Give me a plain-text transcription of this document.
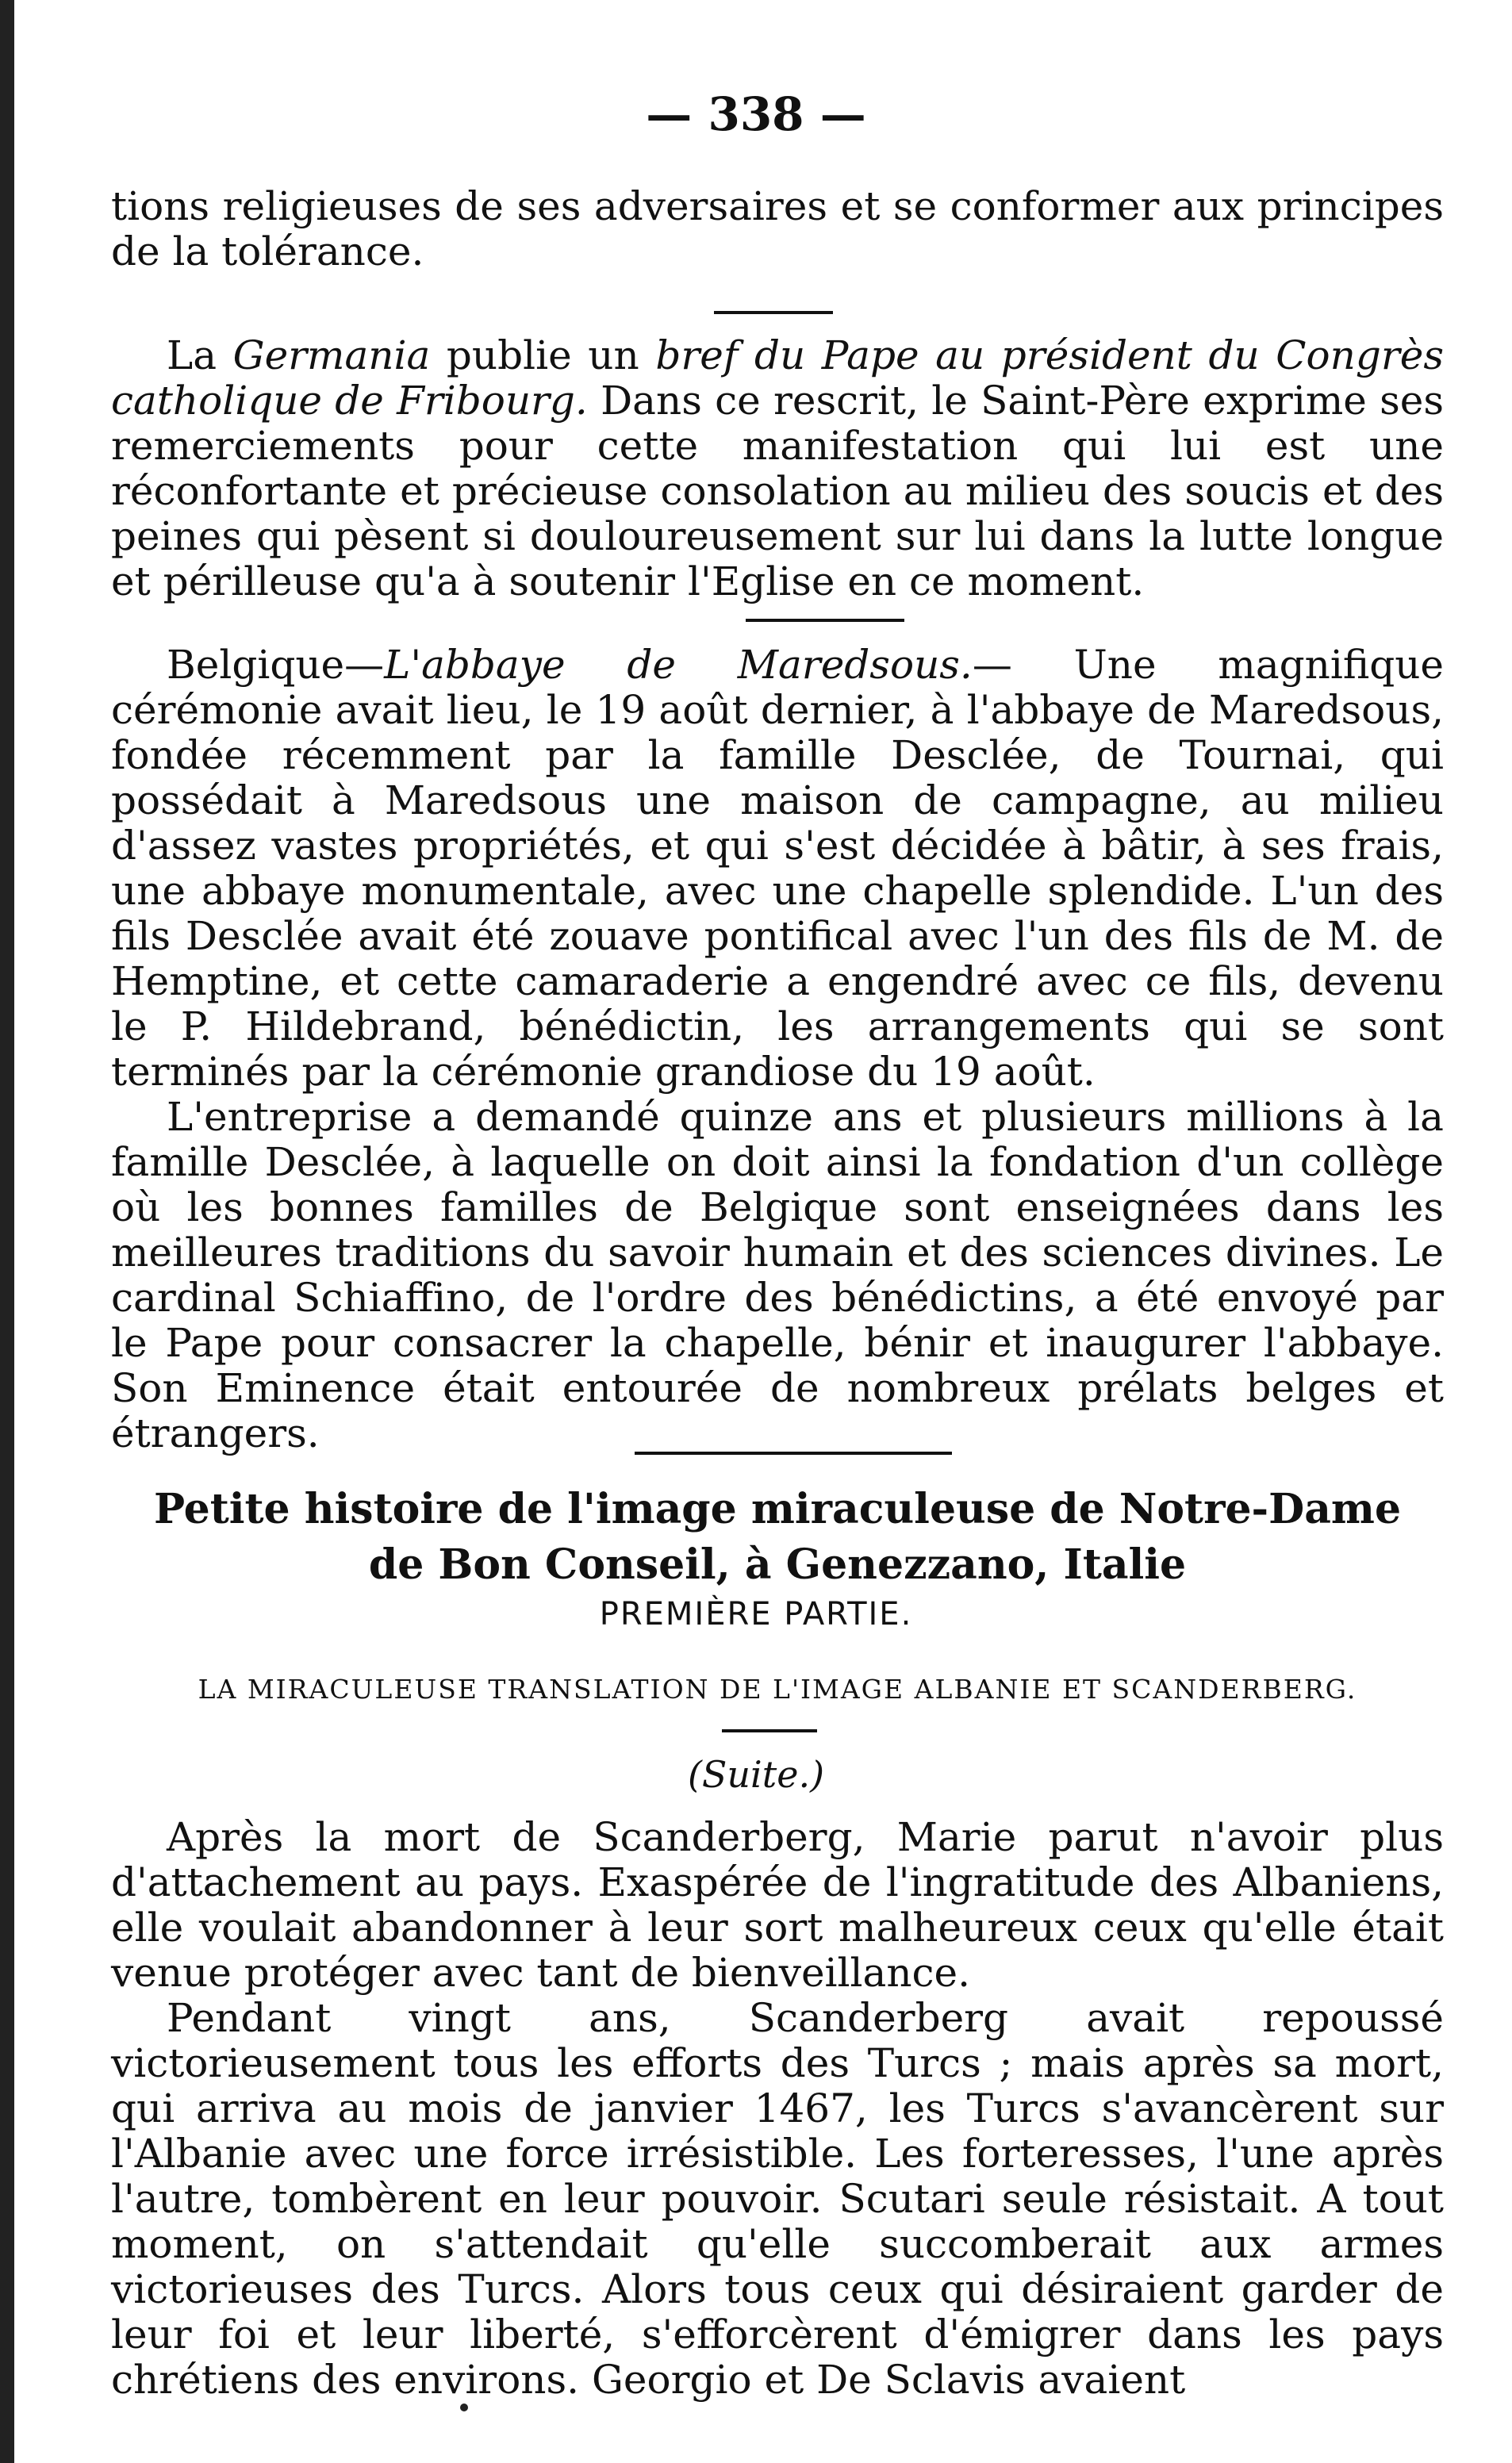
— 338 —

tions religieuses de ses adversaires et se conformer aux principes de la tolérance.

La Germania publie un bref du Pape au président du Congrès catholique de Fribourg. Dans ce rescrit, le Saint-Père exprime ses remerciements pour cette manifestation qui lui est une réconfortante et précieuse consolation au milieu des soucis et des peines qui pèsent si douloureusement sur lui dans la lutte longue et périlleuse qu'a à soutenir l'Eglise en ce moment.

Belgique—L'abbaye de Maredsous.— Une magnifique cérémonie avait lieu, le 19 août dernier, à l'abbaye de Maredsous, fondée récemment par la famille Desclée, de Tournai, qui possédait à Maredsous une maison de campagne, au milieu d'assez vastes propriétés, et qui s'est décidée à bâtir, à ses frais, une abbaye monumentale, avec une chapelle splendide. L'un des fils Desclée avait été zouave pontifical avec l'un des fils de M. de Hemptine, et cette camaraderie a engendré avec ce fils, devenu le P. Hildebrand, bénédictin, les arrangements qui se sont terminés par la cérémonie grandiose du 19 août.

L'entreprise a demandé quinze ans et plusieurs millions à la famille Desclée, à laquelle on doit ainsi la fondation d'un collège où les bonnes familles de Belgique sont enseignées dans les meilleures traditions du savoir humain et des sciences divines. Le cardinal Schiaffino, de l'ordre des bénédictins, a été envoyé par le Pape pour consacrer la chapelle, bénir et inaugurer l'abbaye. Son Eminence était entourée de nombreux prélats belges et étrangers.

Petite histoire de l'image miraculeuse de Notre-Dame de Bon Conseil, à Genezzano, Italie
PREMIÈRE PARTIE.
LA MIRACULEUSE TRANSLATION DE L'IMAGE ALBANIE ET SCANDERBERG.
(Suite.)

Après la mort de Scanderberg, Marie parut n'avoir plus d'attachement au pays. Exaspérée de l'ingratitude des Albaniens, elle voulait abandonner à leur sort malheureux ceux qu'elle était venue protéger avec tant de bienveillance.

Pendant vingt ans, Scanderberg avait repoussé victorieusement tous les efforts des Turcs ; mais après sa mort, qui arriva au mois de janvier 1467, les Turcs s'avancèrent sur l'Albanie avec une force irrésistible. Les forteresses, l'une après l'autre, tombèrent en leur pouvoir. Scutari seule résistait. A tout moment, on s'attendait qu'elle succomberait aux armes victorieuses des Turcs. Alors tous ceux qui désiraient garder de leur foi et leur liberté, s'efforcèrent d'émigrer dans les pays chrétiens des environs. Georgio et De Sclavis avaient
